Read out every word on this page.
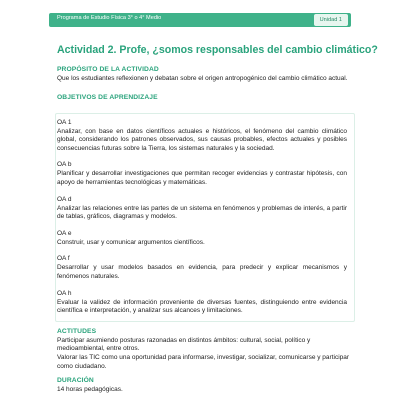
Programa de Estudio Física 3° o 4° Medio	Unidad 1
Actividad 2. Profe, ¿somos responsables del cambio climático?
PROPÓSITO DE LA ACTIVIDAD

Que los estudiantes reflexionen y debatan sobre el origen antropogénico del cambio climático actual.

OBJETIVOS DE APRENDIZAJE
OA 1

Analizar, con base en datos científicos actuales e históricos, el fenómeno del cambio climático global, considerando los patrones observados, sus causas probables, efectos actuales y posibles consecuencias futuras sobre la Tierra, los sistemas naturales y la sociedad.

OA b

Planificar y desarrollar investigaciones que permitan recoger evidencias y contrastar hipótesis, con apoyo de herramientas tecnológicas y matemáticas.

OA d

Analizar las relaciones entre las partes de un sistema en fenómenos y problemas de interés, a partir de tablas, gráficos, diagramas y modelos.

OA e

Construir, usar y comunicar argumentos científicos.

OA f

Desarrollar y usar modelos basados en evidencia, para predecir y explicar mecanismos y fenómenos naturales.

OA h

Evaluar la validez de información proveniente de diversas fuentes, distinguiendo entre evidencia científica e interpretación, y analizar sus alcances y limitaciones.

ACTITUDES

Participar asumiendo posturas razonadas en distintos ámbitos: cultural, social, político y medioambiental, entre otros.

Valorar las TIC como una oportunidad para informarse, investigar, socializar, comunicarse y participar como ciudadano.

DURACIÓN

14 horas pedagógicas.
